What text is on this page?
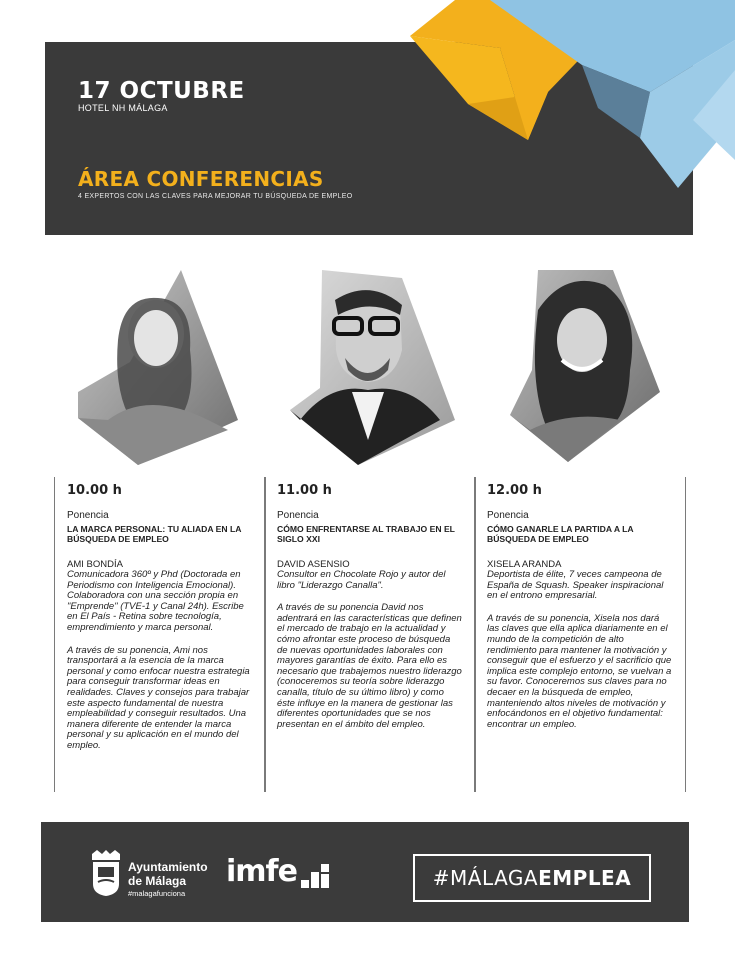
17 OCTUBRE
HOTEL NH MÁLAGA
ÁREA CONFERENCIAS
4 EXPERTOS CON LAS CLAVES PARA MEJORAR TU BÚSQUEDA DE EMPLEO
10.00 h
Ponencia
LA MARCA PERSONAL: TU ALIADA EN LA BÚSQUEDA DE EMPLEO
AMI BONDÍA
Comunicadora 360º y Phd (Doctorada en Periodismo con Inteligencia Emocional). Colaboradora con una sección propia en "Emprende" (TVE-1 y Canal 24h). Escribe en El País - Retina sobre tecnología, emprendimiento y marca personal.
A través de su ponencia, Ami nos transportará a la esencia de la marca personal y como enfocar nuestra estrategia para conseguir transformar ideas en realidades. Claves y consejos para trabajar este aspecto fundamental de nuestra empleabilidad y conseguir resultados. Una manera diferente de entender la marca personal y su aplicación en el mundo del empleo.
11.00 h
Ponencia
CÓMO ENFRENTARSE AL TRABAJO EN EL SIGLO XXI
DAVID ASENSIO
Consultor en Chocolate Rojo y autor del libro "Liderazgo Canalla".
A través de su ponencia David nos adentrará en las características que definen el mercado de trabajo en la actualidad y cómo afrontar este proceso de búsqueda de nuevas oportunidades laborales con mayores garantías de éxito. Para ello es necesario que trabajemos nuestro liderazgo (conoceremos su teoría sobre liderazgo canalla, título de su último libro) y como éste influye en la manera de gestionar las diferentes oportunidades que se nos presentan en el ámbito del empleo.
12.00 h
Ponencia
CÓMO GANARLE LA PARTIDA A LA BÚSQUEDA DE EMPLEO
XISELA ARANDA
Deportista de élite, 7 veces campeona de España de Squash. Speaker inspiracional en el entrono empresarial.
A través de su ponencia, Xisela nos dará las claves que ella aplica diariamente en el mundo de la competición de alto rendimiento para mantener la motivación y conseguir que el esfuerzo y el sacrificio que implica este complejo entorno, se vuelvan a su favor. Conoceremos sus claves para no decaer en la búsqueda de empleo, manteniendo altos niveles de motivación y enfocándonos en el objetivo fundamental: encontrar un empleo.
Ayuntamiento
de Málaga
#malagafunciona
imfe	#MÁLAGA EMPLEA
